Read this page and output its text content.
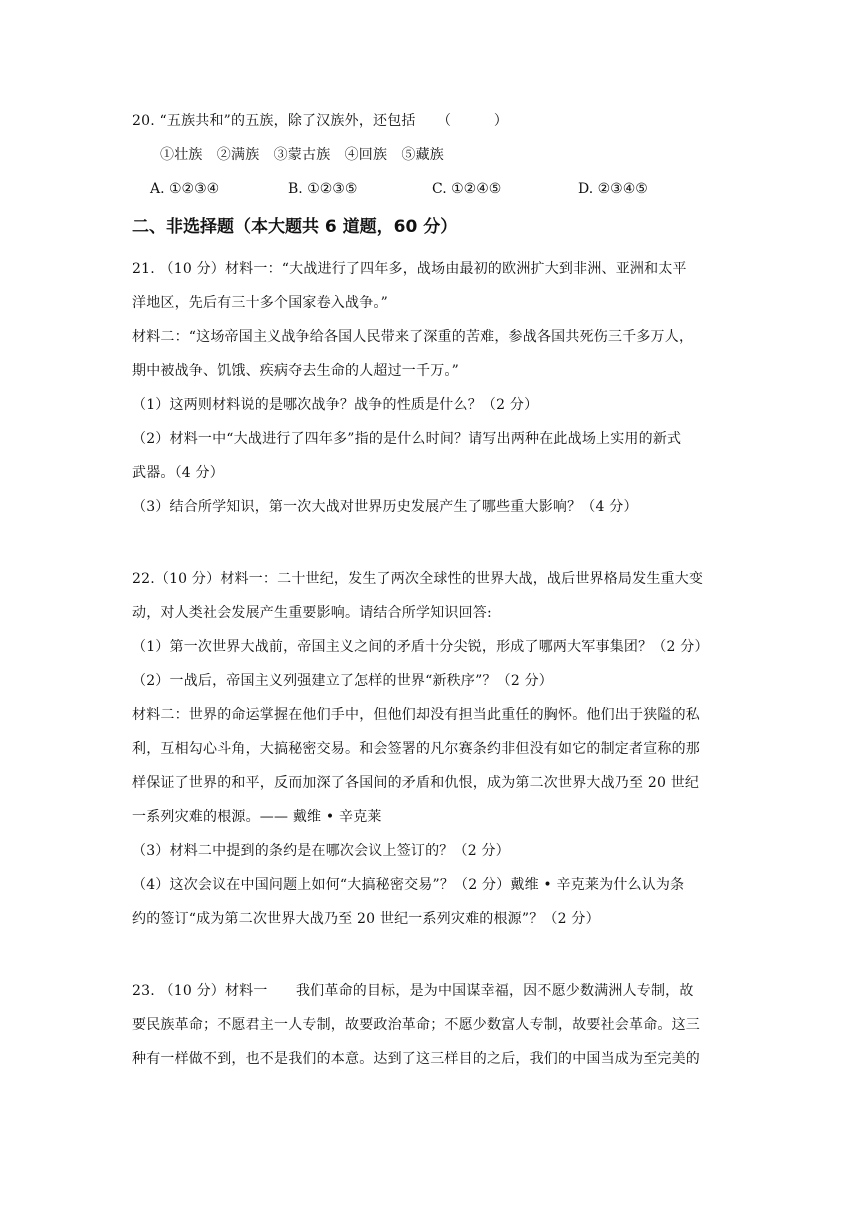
20. “五族共和”的五族，除了汉族外，还包括　　（　　　）
①壮族　②满族　③蒙古族　④回族　⑤藏族
A. ①②③④	B. ①②③⑤	C. ①②④⑤	D. ②③④⑤
二、非选择题（本大题共 6 道题，60 分）
21. （10 分）材料一：“大战进行了四年多，战场由最初的欧洲扩大到非洲、亚洲和太平
洋地区，先后有三十多个国家卷入战争。”
材料二：“这场帝国主义战争给各国人民带来了深重的苦难，参战各国共死伤三千多万人，
期中被战争、饥饿、疾病夺去生命的人超过一千万。”
（1）这两则材料说的是哪次战争？战争的性质是什么？（2 分）
（2）材料一中“大战进行了四年多”指的是什么时间？请写出两种在此战场上实用的新式
武器。（4 分）
（3）结合所学知识，第一次大战对世界历史发展产生了哪些重大影响？（4 分）
22.（10 分）材料一：二十世纪，发生了两次全球性的世界大战，战后世界格局发生重大变
动，对人类社会发展产生重要影响。请结合所学知识回答:
（1）第一次世界大战前，帝国主义之间的矛盾十分尖锐，形成了哪两大军事集团？（2 分）
（2）一战后，帝国主义列强建立了怎样的世界“新秩序”？（2 分）
材料二：世界的命运掌握在他们手中，但他们却没有担当此重任的胸怀。他们出于狭隘的私
利，互相勾心斗角，大搞秘密交易。和会签署的凡尔赛条约非但没有如它的制定者宣称的那
样保证了世界的和平，反而加深了各国间的矛盾和仇恨，成为第二次世界大战乃至 20 世纪
一系列灾难的根源。—— 戴维 • 辛克莱
（3）材料二中提到的条约是在哪次会议上签订的？（2 分）
（4）这次会议在中国问题上如何“大搞秘密交易”？（2 分）戴维 • 辛克莱为什么认为条
约的签订“成为第二次世界大战乃至 20 世纪一系列灾难的根源”？（2 分）
23. （10 分）材料一　　我们革命的目标，是为中国谋幸福，因不愿少数满洲人专制，故
要民族革命；不愿君主一人专制，故要政治革命；不愿少数富人专制，故要社会革命。这三
种有一样做不到，也不是我们的本意。达到了这三样目的之后，我们的中国当成为至完美的
